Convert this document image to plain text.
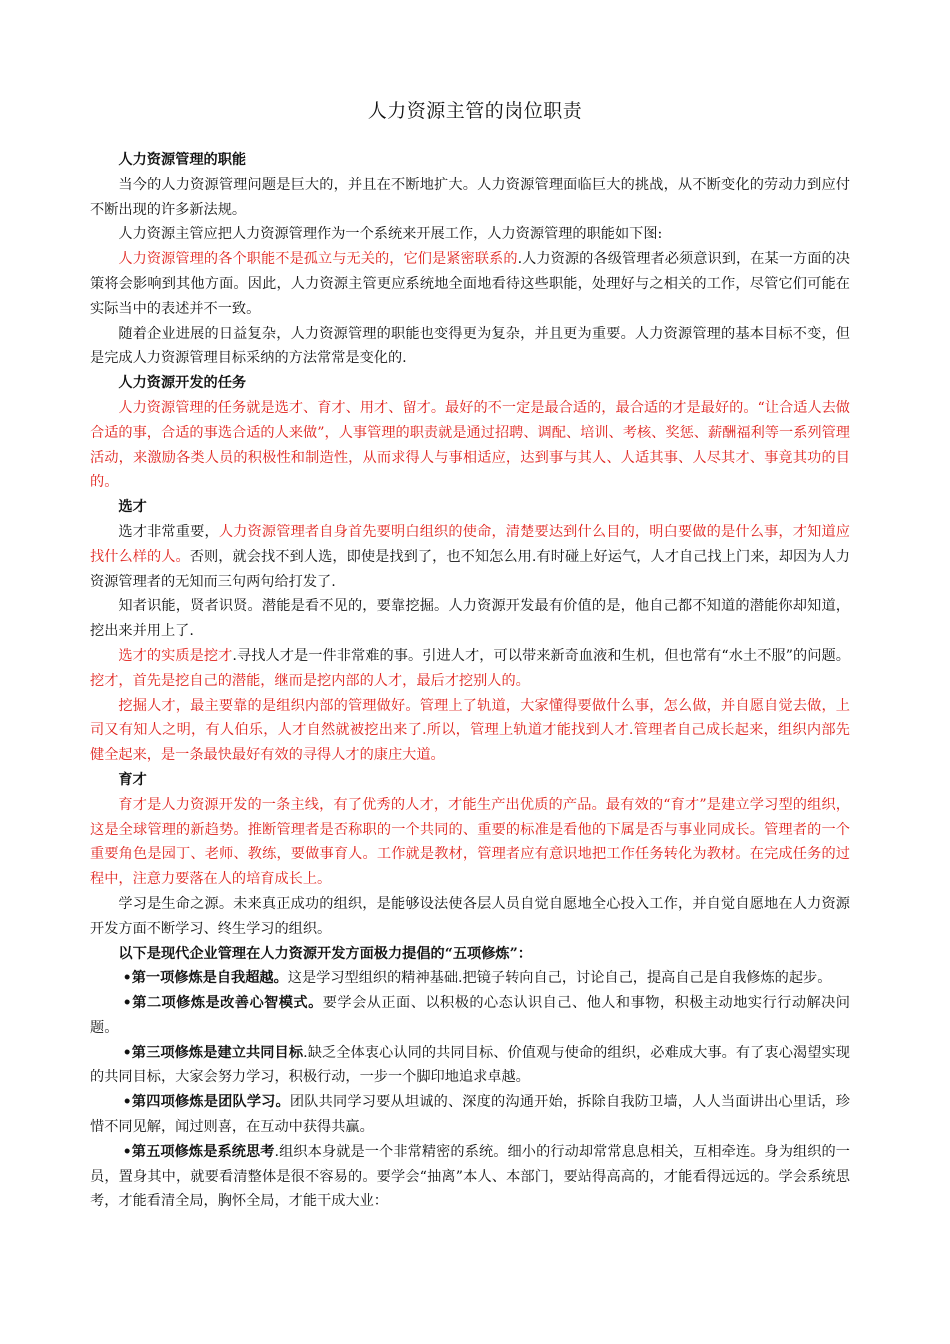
人力资源主管的岗位职责

人力资源管理的职能

当今的人力资源管理问题是巨大的，并且在不断地扩大。人力资源管理面临巨大的挑战，从不断变化的劳动力到应付不断出现的许多新法规。

人力资源主管应把人力资源管理作为一个系统来开展工作，人力资源管理的职能如下图:

人力资源管理的各个职能不是孤立与无关的，它们是紧密联系的.人力资源的各级管理者必须意识到，在某一方面的决策将会影响到其他方面。因此，人力资源主管更应系统地全面地看待这些职能，处理好与之相关的工作，尽管它们可能在实际当中的表述并不一致。

随着企业进展的日益复杂，人力资源管理的职能也变得更为复杂，并且更为重要。人力资源管理的基本目标不变，但是完成人力资源管理目标采纳的方法常常是变化的.

人力资源开发的任务

人力资源管理的任务就是选才、育才、用才、留才。最好的不一定是最合适的，最合适的才是最好的。“让合适人去做合适的事，合适的事选合适的人来做”，人事管理的职责就是通过招聘、调配、培训、考核、奖惩、薪酬福利等一系列管理活动，来激励各类人员的积极性和制造性，从而求得人与事相适应，达到事与其人、人适其事、人尽其才、事竟其功的目的。

选才

选才非常重要，人力资源管理者自身首先要明白组织的使命，清楚要达到什么目的，明白要做的是什么事，才知道应找什么样的人。否则，就会找不到人选，即使是找到了，也不知怎么用.有时碰上好运气，人才自己找上门来，却因为人力资源管理者的无知而三句两句给打发了.

知者识能，贤者识贤。潜能是看不见的，要靠挖掘。人力资源开发最有价值的是，他自己都不知道的潜能你却知道，挖出来并用上了.

选才的实质是挖才.寻找人才是一件非常难的事。引进人才，可以带来新奇血液和生机，但也常有“水土不服”的问题。挖才，首先是挖自己的潜能，继而是挖内部的人才，最后才挖别人的。

挖掘人才，最主要靠的是组织内部的管理做好。管理上了轨道，大家懂得要做什么事，怎么做，并自愿自觉去做，上司又有知人之明，有人伯乐，人才自然就被挖出来了.所以，管理上轨道才能找到人才.管理者自己成长起来，组织内部先健全起来，是一条最快最好有效的寻得人才的康庄大道。

育才

育才是人力资源开发的一条主线，有了优秀的人才，才能生产出优质的产品。最有效的“育才”是建立学习型的组织，这是全球管理的新趋势。推断管理者是否称职的一个共同的、重要的标准是看他的下属是否与事业同成长。管理者的一个重要角色是园丁、老师、教练，要做事育人。工作就是教材，管理者应有意识地把工作任务转化为教材。在完成任务的过程中，注意力要落在人的培育成长上。

学习是生命之源。未来真正成功的组织，是能够设法使各层人员自觉自愿地全心投入工作，并自觉自愿地在人力资源开发方面不断学习、终生学习的组织。

以下是现代企业管理在人力资源开发方面极力提倡的“五项修炼”：

•第一项修炼是自我超越。这是学习型组织的精神基础.把镜子转向自己，讨论自己，提高自己是自我修炼的起步。

•第二项修炼是改善心智模式。要学会从正面、以积极的心态认识自己、他人和事物，积极主动地实行行动解决问题。

•第三项修炼是建立共同目标.缺乏全体衷心认同的共同目标、价值观与使命的组织，必难成大事。有了衷心渴望实现的共同目标，大家会努力学习，积极行动，一步一个脚印地追求卓越。

•第四项修炼是团队学习。团队共同学习要从坦诚的、深度的沟通开始，拆除自我防卫墙，人人当面讲出心里话，珍惜不同见解，闻过则喜，在互动中获得共赢。

•第五项修炼是系统思考.组织本身就是一个非常精密的系统。细小的行动却常常息息相关，互相牵连。身为组织的一员，置身其中，就要看清整体是很不容易的。要学会“抽离”本人、本部门，要站得高高的，才能看得远远的。学会系统思考，才能看清全局，胸怀全局，才能干成大业：
